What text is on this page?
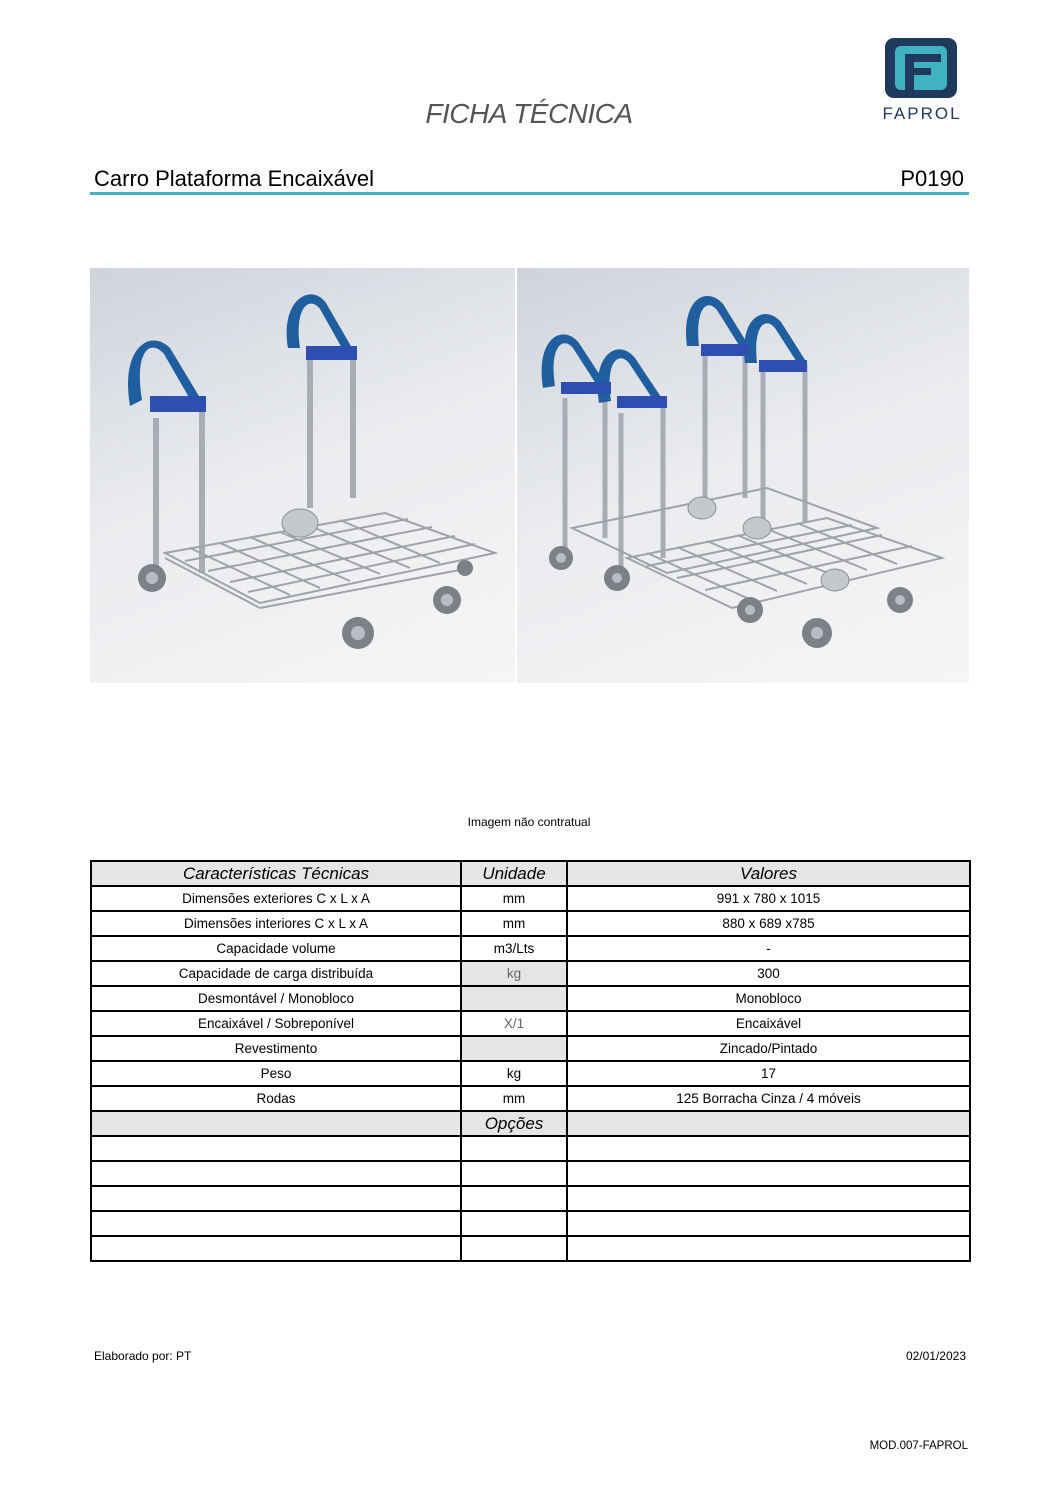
FICHA TÉCNICA	FAPROL
Carro Plataforma Encaixável	P0190
Imagem não contratual
Características Técnicas	Unidade	Valores
Dimensões exteriores C x L x A	mm	991 x 780 x 1015
Dimensões interiores C x L x A	mm	880 x 689 x785
Capacidade volume	m3/Lts	-
Capacidade de carga distribuída	kg	300
Desmontável / Monobloco		Monobloco
Encaixável / Sobreponível	X/1	Encaixável
Revestimento		Zincado/Pintado
Peso	kg	17
Rodas	mm	125 Borracha Cinza / 4 móveis
	Opções	

Elaborado por: PT	02/01/2023
MOD.007-FAPROL
